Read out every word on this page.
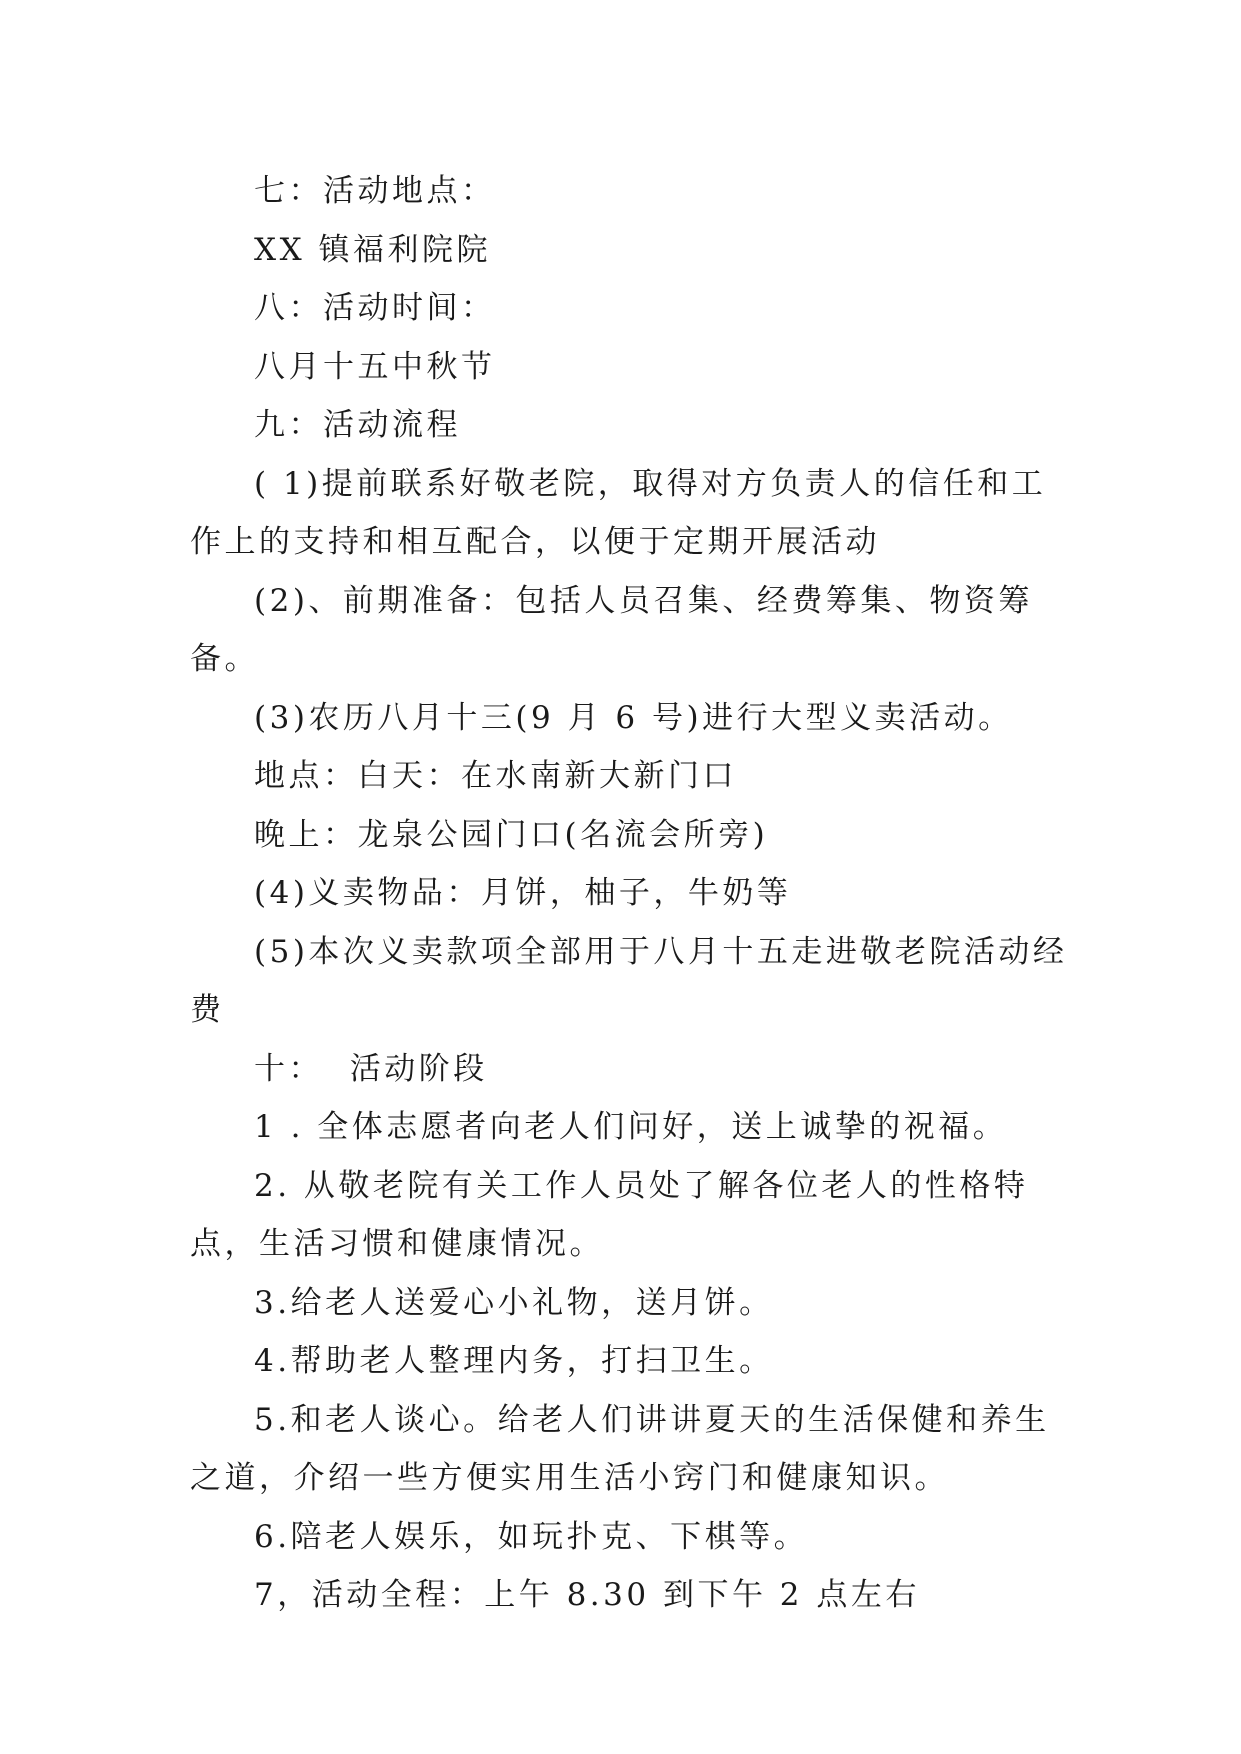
七：活动地点：

XX 镇福利院院

八：活动时间：

八月十五中秋节

九：活动流程

( 1)提前联系好敬老院，取得对方负责人的信任和工作上的支持和相互配合，以便于定期开展活动

(2)、前期准备：包括人员召集、经费筹集、物资筹备。

(3)农历八月十三(9 月 6 号)进行大型义卖活动。

地点：白天：在水南新大新门口

晚上：龙泉公园门口(名流会所旁)

(4)义卖物品：月饼，柚子，牛奶等

(5)本次义卖款项全部用于八月十五走进敬老院活动经费

十：  活动阶段

1 . 全体志愿者向老人们问好，送上诚挚的祝福。

2. 从敬老院有关工作人员处了解各位老人的性格特点，生活习惯和健康情况。

3.给老人送爱心小礼物，送月饼。

4.帮助老人整理内务，打扫卫生。

5.和老人谈心。给老人们讲讲夏天的生活保健和养生之道，介绍一些方便实用生活小窍门和健康知识。

6.陪老人娱乐，如玩扑克、下棋等。

7，活动全程：上午 8.30 到下午 2 点左右
